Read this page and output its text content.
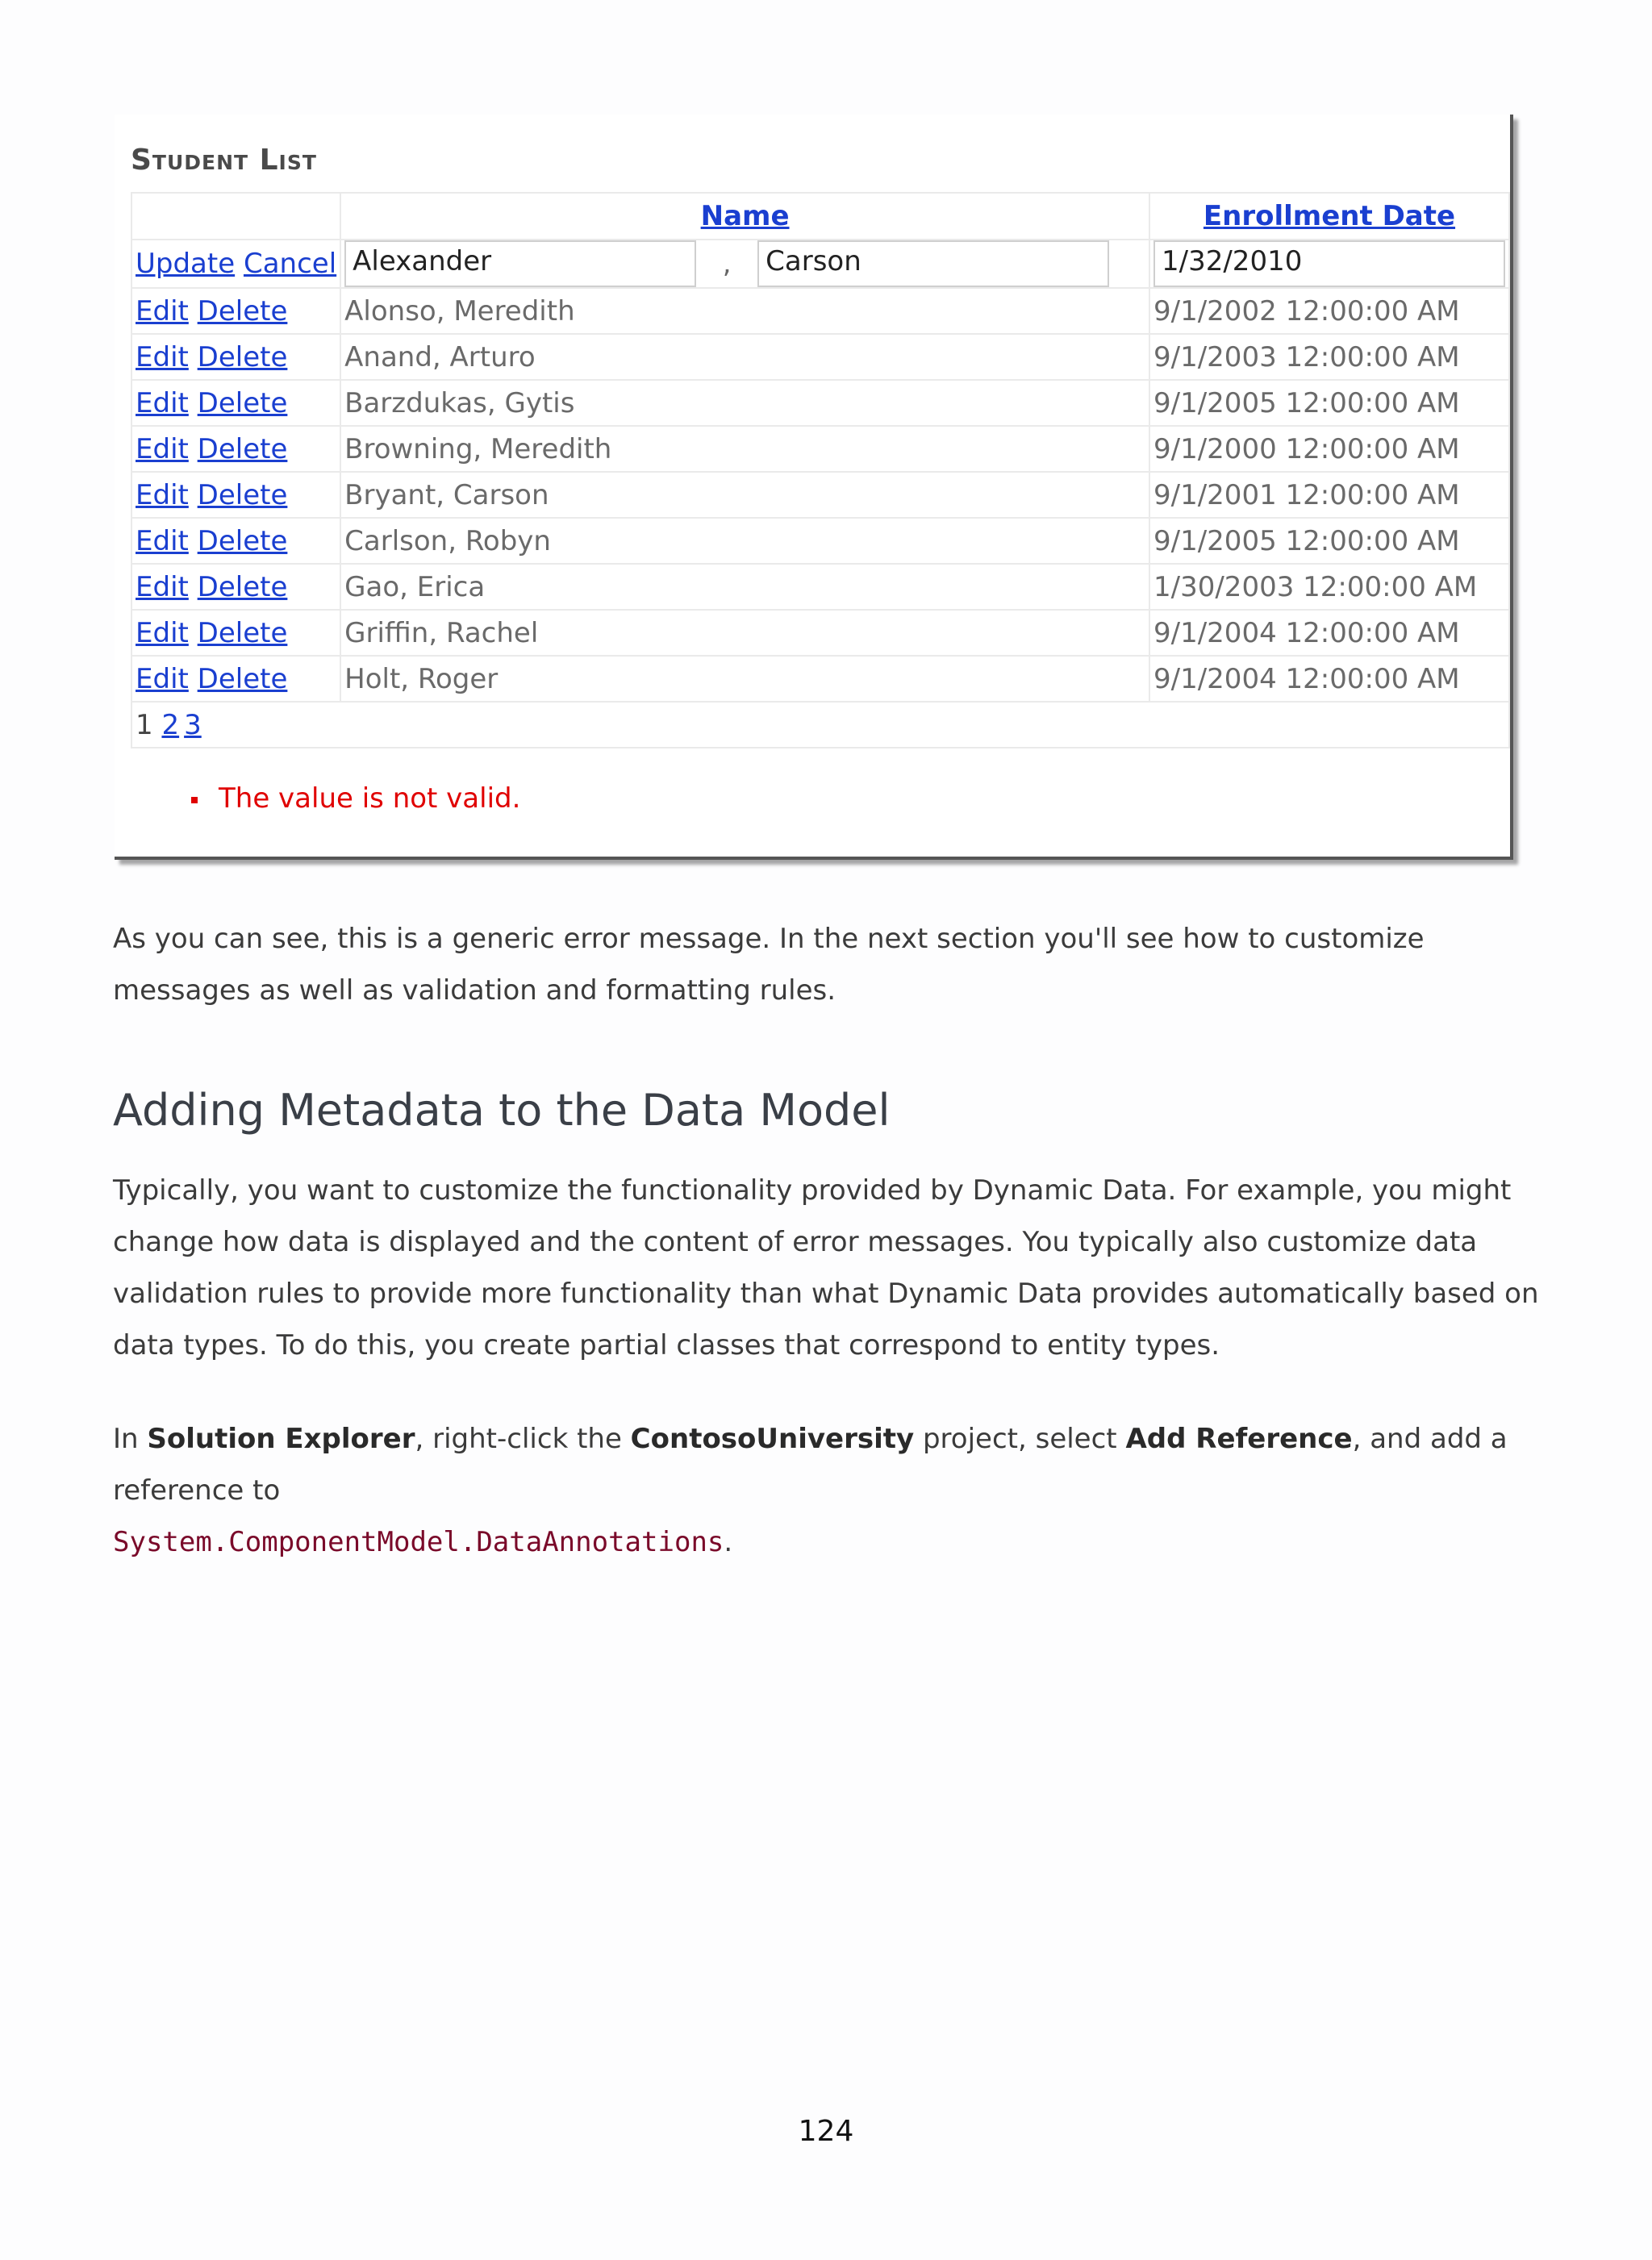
Student List
	Name	Enrollment Date
Update Cancel	Alexander , Carson	1/32/2010
Edit Delete	Alonso, Meredith	9/1/2002 12:00:00 AM
Edit Delete	Anand, Arturo	9/1/2003 12:00:00 AM
Edit Delete	Barzdukas, Gytis	9/1/2005 12:00:00 AM
Edit Delete	Browning, Meredith	9/1/2000 12:00:00 AM
Edit Delete	Bryant, Carson	9/1/2001 12:00:00 AM
Edit Delete	Carlson, Robyn	9/1/2005 12:00:00 AM
Edit Delete	Gao, Erica	1/30/2003 12:00:00 AM
Edit Delete	Griffin, Rachel	9/1/2004 12:00:00 AM
Edit Delete	Holt, Roger	9/1/2004 12:00:00 AM
1 2 3		
The value is not valid.
As you can see, this is a generic error message. In the next section you'll see how to customize messages as well as validation and formatting rules.
Adding Metadata to the Data Model
Typically, you want to customize the functionality provided by Dynamic Data. For example, you might change how data is displayed and the content of error messages. You typically also customize data validation rules to provide more functionality than what Dynamic Data provides automatically based on data types. To do this, you create partial classes that correspond to entity types.
In Solution Explorer, right-click the ContosoUniversity project, select Add Reference, and add a reference to
System.ComponentModel.DataAnnotations.
124
